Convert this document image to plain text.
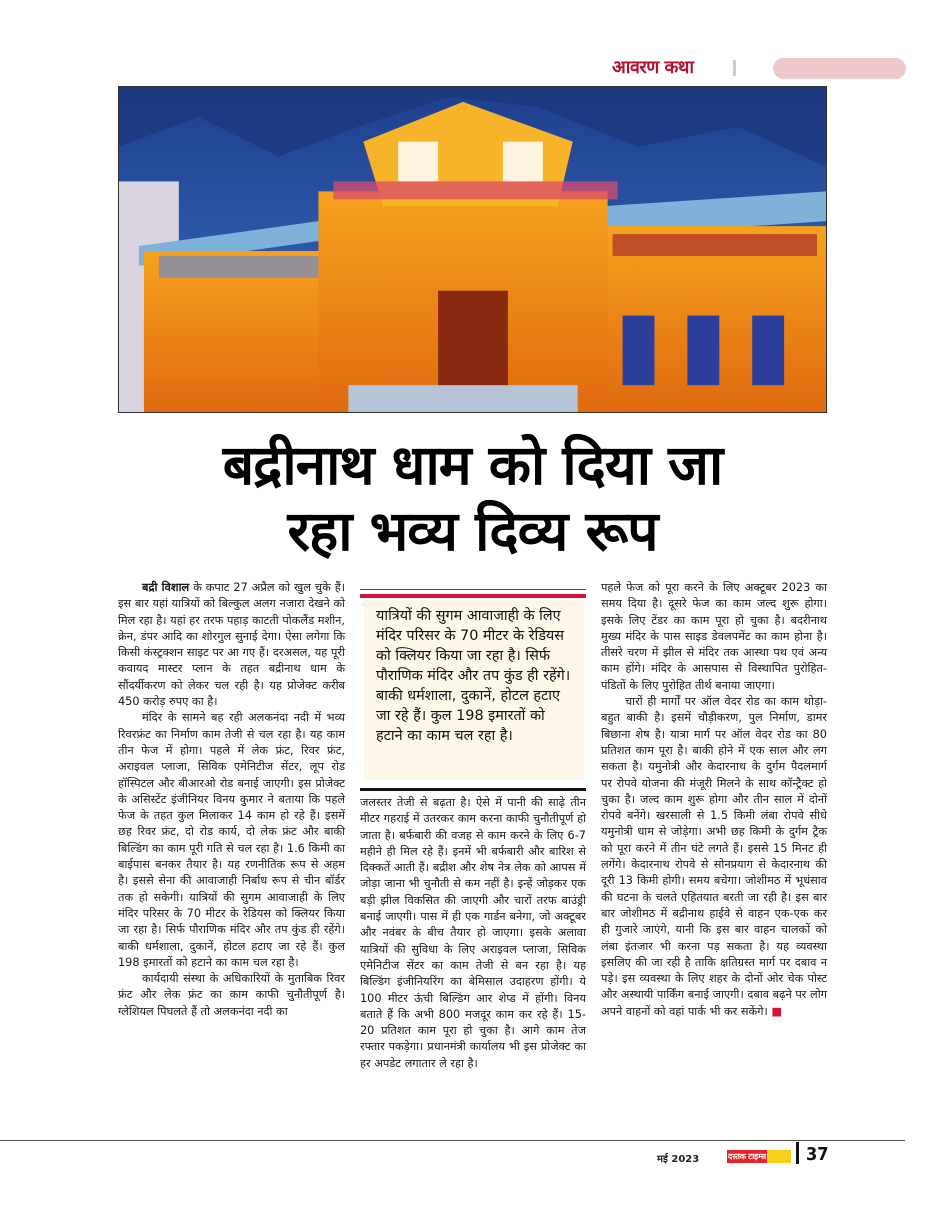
आवरण कथा
बद्रीनाथ धाम को दिया जा
रहा भव्य दिव्य रूप

बद्री विशाल के कपाट 27 अप्रैल को खुल चुके हैं। इस बार यहां यात्रियों को बिल्कुल अलग नजारा देखने को मिल रहा है। यहां हर तरफ पहाड़ काटती पोकलैंड मशीन, क्रेन, डंपर आदि का शोरगुल सुनाई देगा। ऐसा लगेगा कि किसी कंस्ट्रक्शन साइट पर आ गए हैं। दरअसल, यह पूरी कवायद मास्टर प्लान के तहत बद्रीनाथ धाम के सौंदर्यीकरण को लेकर चल रही है। यह प्रोजेक्ट करीब 450 करोड़ रुपए का है।

मंदिर के सामने बह रही अलकनंदा नदी में भव्य रिवरफ्रंट का निर्माण काम तेजी से चल रहा है। यह काम तीन फेज में होगा। पहले में लेक फ्रंट, रिवर फ्रंट, अराइवल प्लाजा, सिविक एमेनिटीज सेंटर, लूप रोड हॉस्पिटल और बीआरओ रोड बनाई जाएगी। इस प्रोजेक्ट के असिस्टेंट इंजीनियर विनय कुमार ने बताया कि पहले फेज के तहत कुल मिलाकर 14 काम हो रहे हैं। इसमें छह रिवर फ्रंट, दो रोड कार्य, दो लेक फ्रंट और बाकी बिल्डिंग का काम पूरी गति से चल रहा है। 1.6 किमी का बाईपास बनकर तैयार है। यह रणनीतिक रूप से अहम है। इससे सेना की आवाजाही निर्बाध रूप से चीन बॉर्डर तक हो सकेगी। यात्रियों की सुगम आवाजाही के लिए मंदिर परिसर के 70 मीटर के रेडियस को क्लियर किया जा रहा है। सिर्फ पौराणिक मंदिर और तप कुंड ही रहेंगे। बाकी धर्मशाला, दुकानें, होटल हटाए जा रहे हैं। कुल 198 इमारतों को हटाने का काम चल रहा है।

कार्यदायी संस्था के अधिकारियों के मुताबिक रिवर फ्रंट और लेक फ्रंट का काम काफी चुनौतीपूर्ण है। ग्लेशियल पिघलते हैं तो अलकनंदा नदी का

यात्रियों की सुगम आवाजाही के लिए मंदिर परिसर के 70 मीटर के रेडियस को क्लियर किया जा रहा है। सिर्फ पौराणिक मंदिर और तप कुंड ही रहेंगे। बाकी धर्मशाला, दुकानें, होटल हटाए जा रहे हैं। कुल 198 इमारतों को हटाने का काम चल रहा है।

जलस्तर तेजी से बढ़ता है। ऐसे में पानी की साढ़े तीन मीटर गहराई में उतरकर काम करना काफी चुनौतीपूर्ण हो जाता है। बर्फबारी की वजह से काम करने के लिए 6-7 महीने ही मिल रहे हैं। इनमें भी बर्फबारी और बारिश से दिक्कतें आती हैं। बद्रीश और शेष नेत्र लेक को आपस में जोड़ा जाना भी चुनौती से कम नहीं है। इन्हें जोड़कर एक बड़ी झील विकसित की जाएगी और चारों तरफ बाउंड्री बनाई जाएगी। पास में ही एक गार्डन बनेगा, जो अक्टूबर और नवंबर के बीच तैयार हो जाएगा। इसके अलावा यात्रियों की सुविधा के लिए अराइवल प्लाजा, सिविक एमेनिटीज सेंटर का काम तेजी से बन रहा है। यह बिल्डिंग इंजीनियरिंग का बेमिसाल उदाहरण होंगी। ये 100 मीटर ऊंची बिल्डिंग आर शेप्ड में होंगी। विनय बताते हैं कि अभी 800 मजदूर काम कर रहे हैं। 15-20 प्रतिशत काम पूरा हो चुका है। आगे काम तेज रफ्तार पकड़ेगा। प्रधानमंत्री कार्यालय भी इस प्रोजेक्ट का हर अपडेट लगातार ले रहा है।

पहले फेज को पूरा करने के लिए अक्टूबर 2023 का समय दिया है। दूसरे फेज का काम जल्द शुरू होगा। इसके लिए टेंडर का काम पूरा हो चुका है। बदरीनाथ मुख्य मंदिर के पास साइड डेवलपमेंट का काम होना है। तीसरे चरण में झील से मंदिर तक आस्था पथ एवं अन्य काम होंगे। मंदिर के आसपास से विस्थापित पुरोहित-पंडितों के लिए पुरोहित तीर्थ बनाया जाएगा।

चारों ही मार्गों पर ऑल वेदर रोड का काम थोड़ा-बहुत बाकी है। इसमें चौड़ीकरण, पुल निर्माण, डामर बिछाना शेष है। यात्रा मार्ग पर ऑल वेदर रोड का 80 प्रतिशत काम पूरा है। बाकी होने में एक साल और लग सकता है। यमुनोत्री और केदारनाथ के दुर्गम पैदलमार्ग पर रोपवे योजना की मंजूरी मिलने के साथ कॉन्ट्रैक्ट हो चुका है। जल्द काम शुरू होगा और तीन साल में दोनों रोपवे बनेंगे। खरसाली से 1.5 किमी लंबा रोपवे सीधे यमुनोत्री धाम से जोड़ेगा। अभी छह किमी के दुर्गम ट्रैक को पूरा करने में तीन घंटे लगते हैं। इससे 15 मिनट ही लगेंगे। केदारनाथ रोपवे से सोनप्रयाग से केदारनाथ की दूरी 13 किमी होगी। समय बचेगा। जोशीमठ में भूधंसाव की घटना के चलते एहितयात बरती जा रही है। इस बार बार जोशीमठ में बद्रीनाथ हाईवे से वाहन एक-एक कर ही गुजारे जाएंगे, यानी कि इस बार वाहन चालकों को लंबा इंतजार भी करना पड़ सकता है। यह व्यवस्था इसलिए की जा रही है ताकि क्षतिग्रस्त मार्ग पर दबाव न पड़े। इस व्यवस्था के लिए शहर के दोनों ओर चेक पोस्ट और अस्थायी पार्किंग बनाई जाएगी। दबाव बढ़ने पर लोग अपने वाहनों को वहां पार्क भी कर सकेंगे। ■

मई 2023	दस्तक टाइम्स 37
